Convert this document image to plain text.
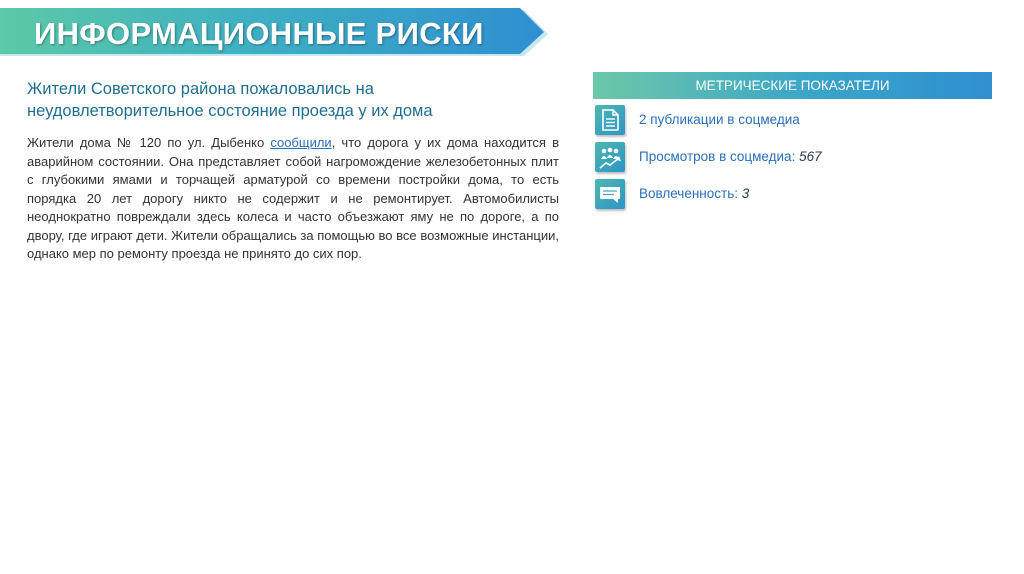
ИНФОРМАЦИОННЫЕ РИСКИ

Жители Советского района пожаловались на
неудовлетворительное состояние проезда у их дома

Жители дома № 120 по ул. Дыбенко сообщили, что дорога у их дома находится в аварийном состоянии. Она представляет собой нагромождение железобетонных плит с глубокими ямами и торчащей арматурой со времени постройки дома, то есть порядка 20 лет дорогу никто не содержит и не ремонтирует. Автомобилисты неоднократно повреждали здесь колеса и часто объезжают яму не по дороге, а по двору, где играют дети. Жители обращались за помощью во все возможные инстанции, однако мер по ремонту проезда не принято до сих пор.

МЕТРИЧЕСКИЕ ПОКАЗАТЕЛИ
2 публикации в соцмедиа
Просмотров в соцмедиа: 567
Вовлеченность: 3
